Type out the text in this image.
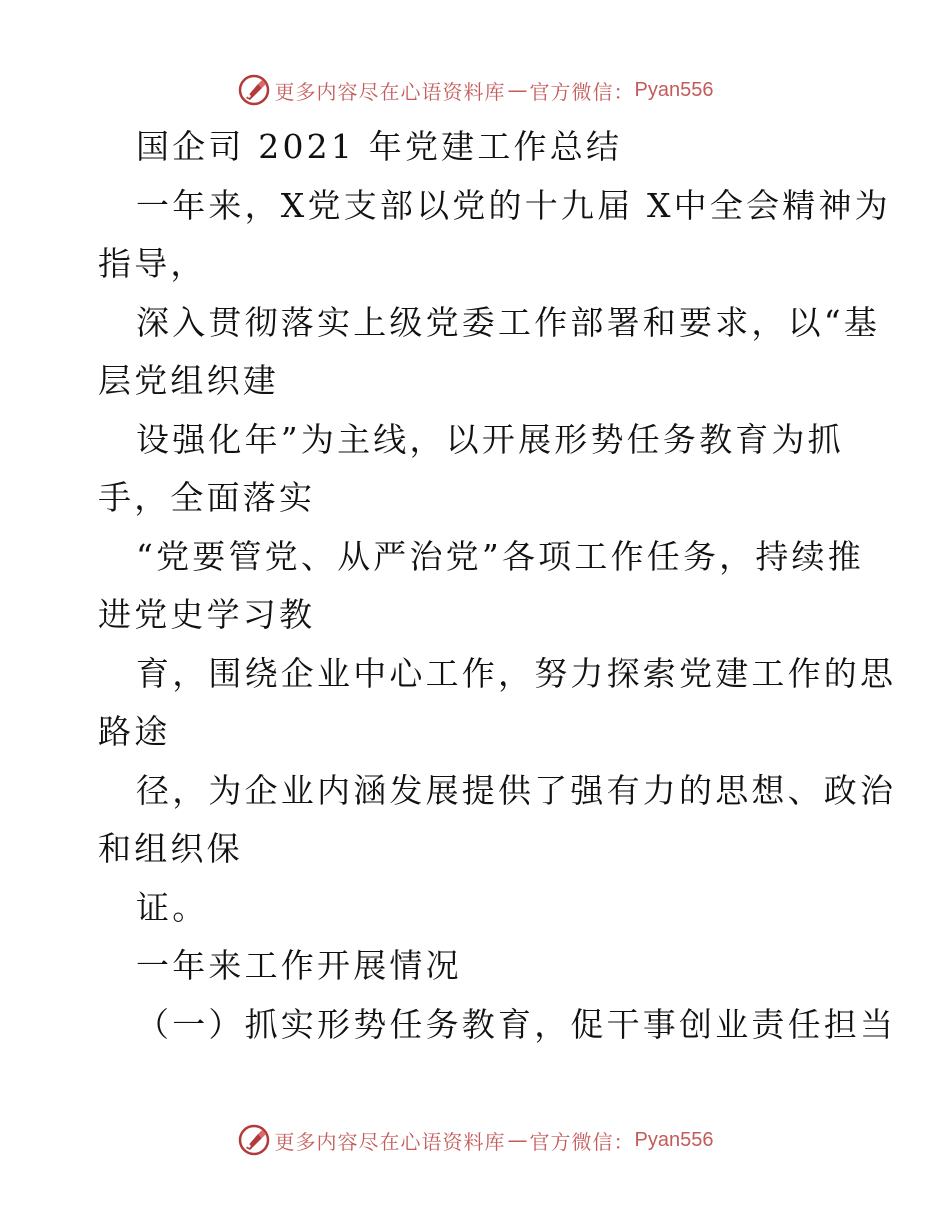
更多内容尽在心语资料库 — 官方微信： Pyan556
国企司 2021 年党建工作总结
一年来，X党支部以党的十九届 X中全会精神为
指导，
深入贯彻落实上级党委工作部署和要求，以“基
层党组织建
设强化年”为主线，以开展形势任务教育为抓
手，全面落实
“党要管党、从严治党”各项工作任务，持续推
进党史学习教
育，围绕企业中心工作，努力探索党建工作的思
路途
径，为企业内涵发展提供了强有力的思想、政治
和组织保
证。
一年来工作开展情况
（一）抓实形势任务教育，促干事创业责任担当
更多内容尽在心语资料库 — 官方微信： Pyan556
